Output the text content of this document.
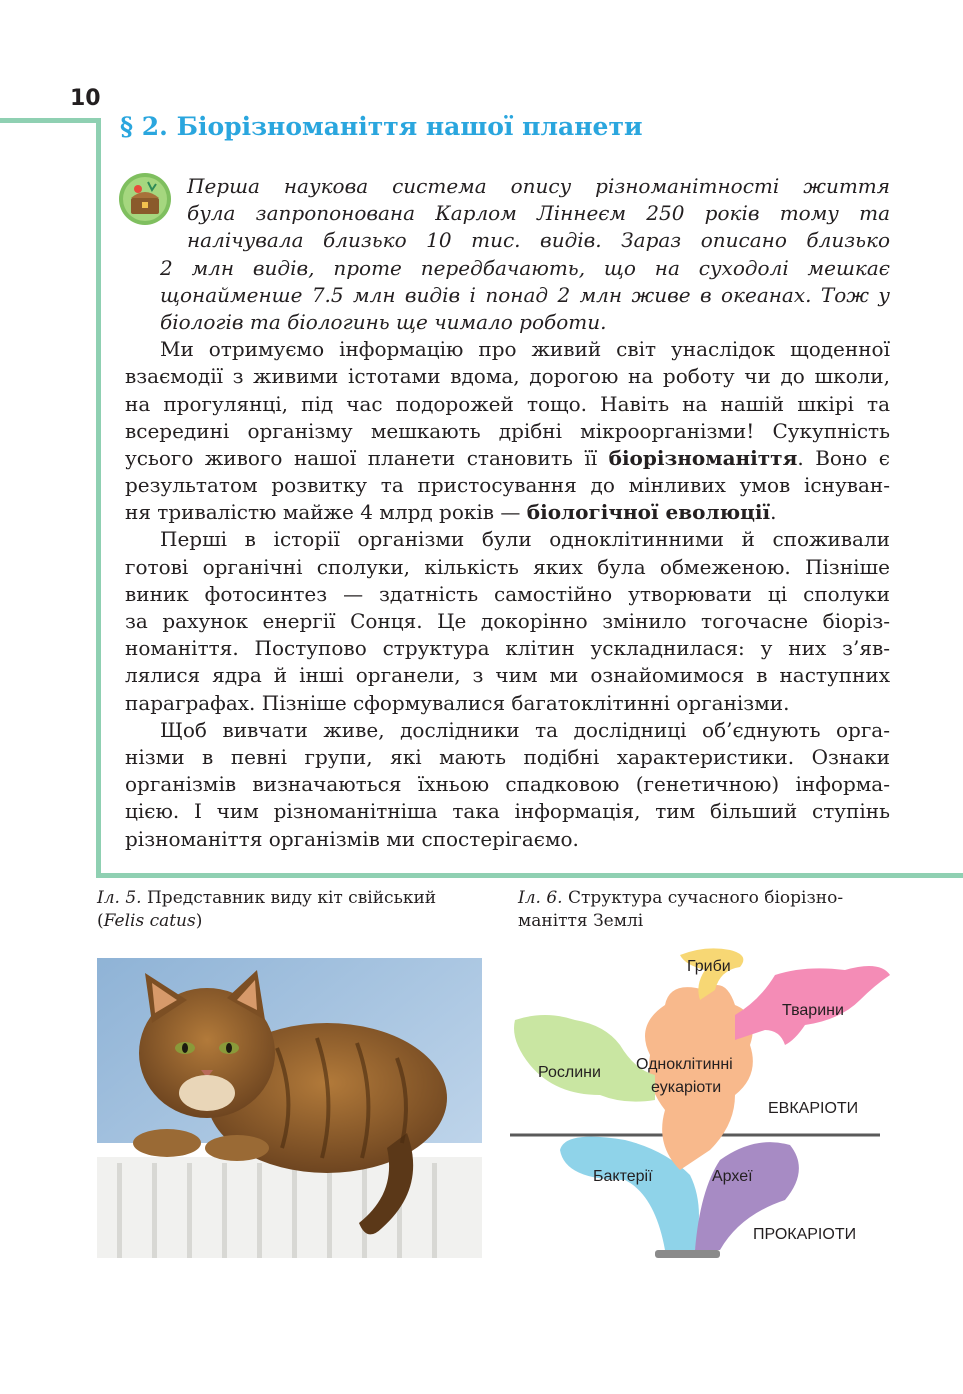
10
§ 2. Біорізноманіття нашої планети
Перша наукова система опису різноманітності життя
була запропонована Карлом Ліннеєм 250 років тому та
налічувала близько 10 тис. видів. Зараз описано близько
2 млн видів, проте передбачають, що на суходолі мешкає
щонайменше 7.5 млн видів і понад 2 млн живе в океанах. Тож у
біологів та біологинь ще чимало роботи.
Ми отримуємо інформацію про живий світ унаслідок щоденної
взаємодії з живими істотами вдома, дорогою на роботу чи до школи,
на прогулянці, під час подорожей тощо. Навіть на нашій шкірі та
всередині організму мешкають дрібні мікроорганізми! Сукупність
усього живого нашої планети становить її біорізноманіття. Воно є
результатом розвитку та пристосування до мінливих умов існуван-
ня тривалістю майже 4 млрд років — біологічної еволюції.
Перші в історії організми були одноклітинними й споживали
готові органічні сполуки, кількість яких була обмеженою. Пізніше
виник фотосинтез — здатність самостійно утворювати ці сполуки
за рахунок енергії Сонця. Це докорінно змінило тогочасне біоріз-
номаніття. Поступово структура клітин ускладнилася: у них з’яв-
лялися ядра й інші органели, з чим ми ознайомимося в наступних
параграфах. Пізніше сформувалися багатоклітинні організми.
Щоб вивчати живе, дослідники та дослідниці об’єднують орга-
нізми в певні групи, які мають подібні характеристики. Ознаки
організмів визначаються їхньою спадковою (генетичною) інформа-
цією. І чим різноманітніша така інформація, тим більший ступінь
різноманіття організмів ми спостерігаємо.
Іл. 5. Представник виду кіт свійський
(Felis catus)
Іл. 6. Структура сучасного біорізно-
маніття Землі
Гриби
Тварини
Рослини Одноклітинні
еукаріоти
ЕВКАРІОТИ
Бактерії	Археї
ПРОКАРІОТИ
